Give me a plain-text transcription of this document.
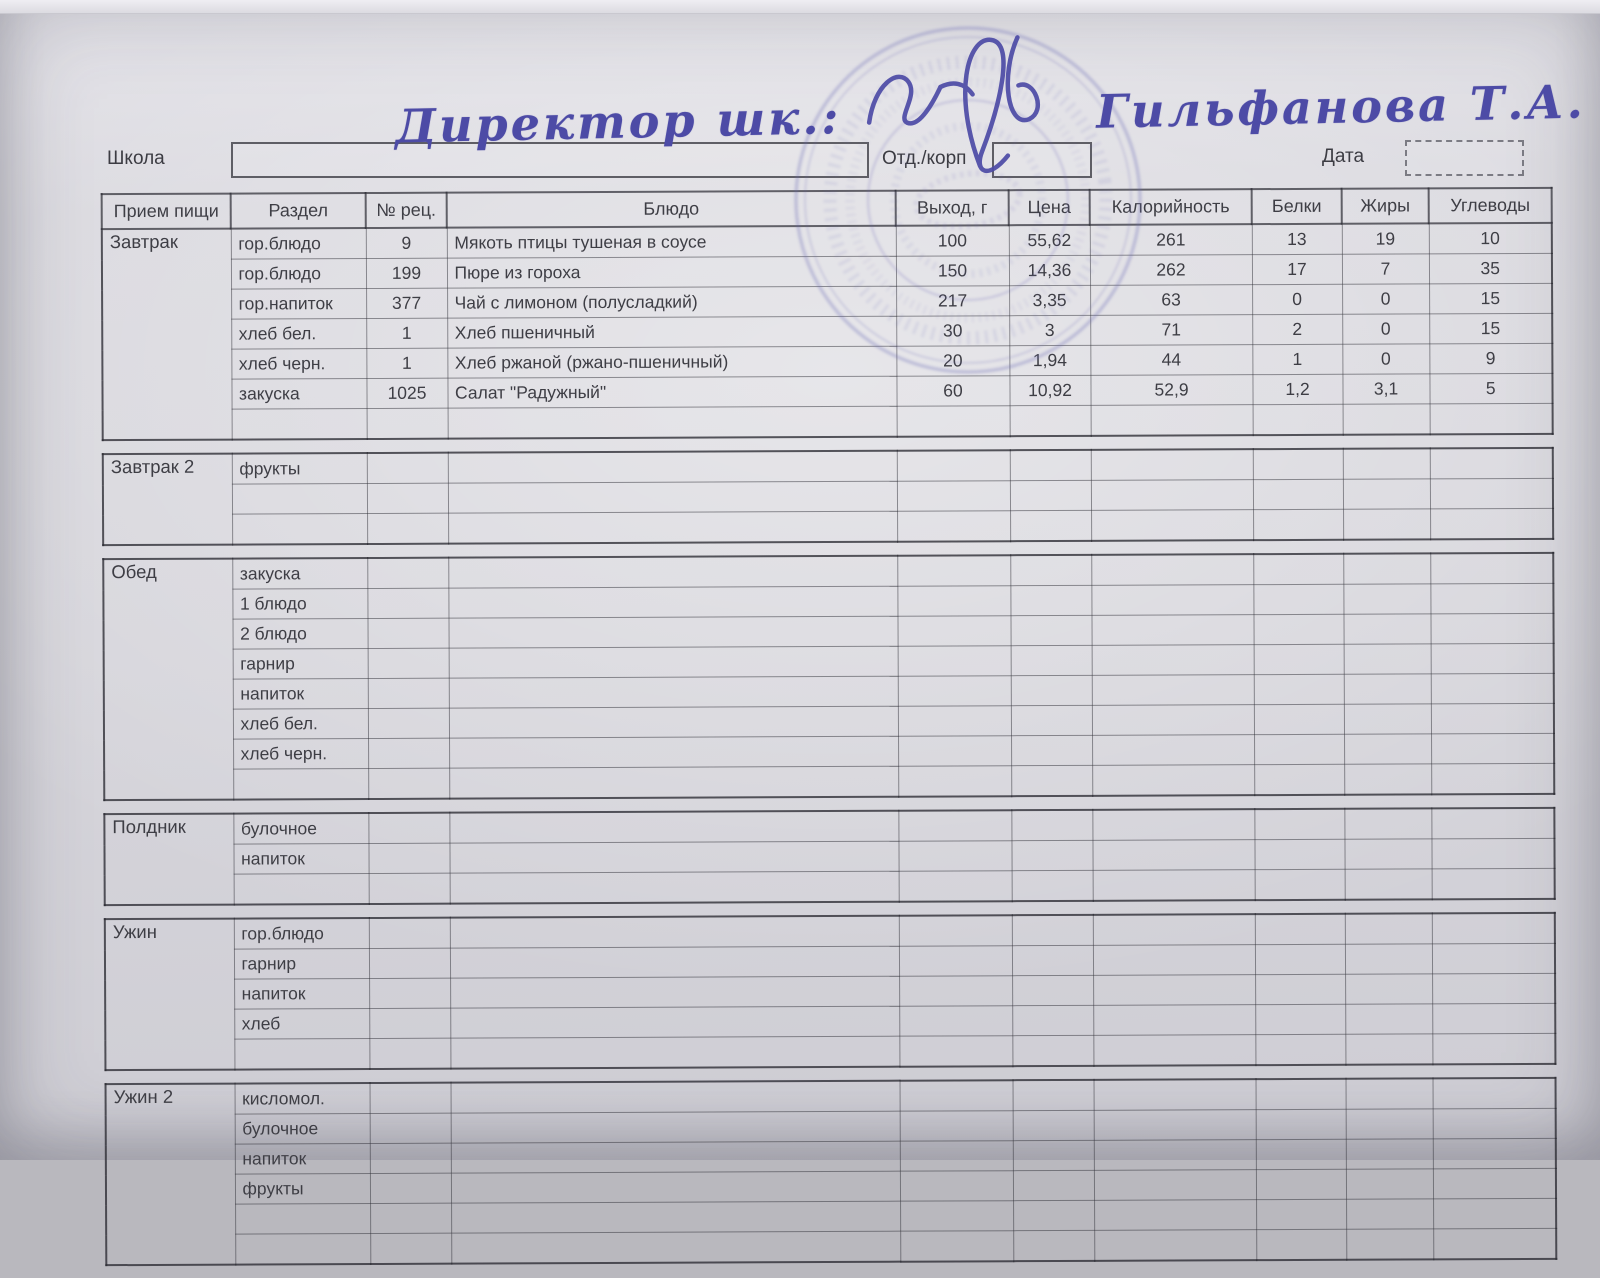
Директор шк.:	Гильфанова Т.А.
Школа	Отд./корп	Дата
Прием пищи	Раздел	№ рец.	Блюдо	Выход, г	Цена	Калорийность	Белки	Жиры	Углеводы
Завтрак	гор.блюдо	9	Мякоть птицы тушеная в соусе	100	55,62	261	13	19	10
	гор.блюдо	199	Пюре из гороха	150	14,36	262	17	7	35
	гор.напиток	377	Чай с лимоном (полусладкий)	217	3,35	63	0	0	15
	хлеб бел.	1	Хлеб пшеничный	30	3	71	2	0	15
	хлеб черн.	1	Хлеб ржаной (ржано-пшеничный)	20	1,94	44	1	0	9
	закуска	1025	Салат "Радужный"	60	10,92	52,9	1,2	3,1	5

Завтрак 2	фрукты								

Обед	закуска								
	1 блюдо								
	2 блюдо								
	гарнир								
	напиток								
	хлеб бел.								
	хлеб черн.								

Полдник	булочное								
	напиток								

Ужин	гор.блюдо								
	гарнир								
	напиток								
	хлеб								

Ужин 2	кисломол.								
	булочное								
	напиток								
	фрукты								
